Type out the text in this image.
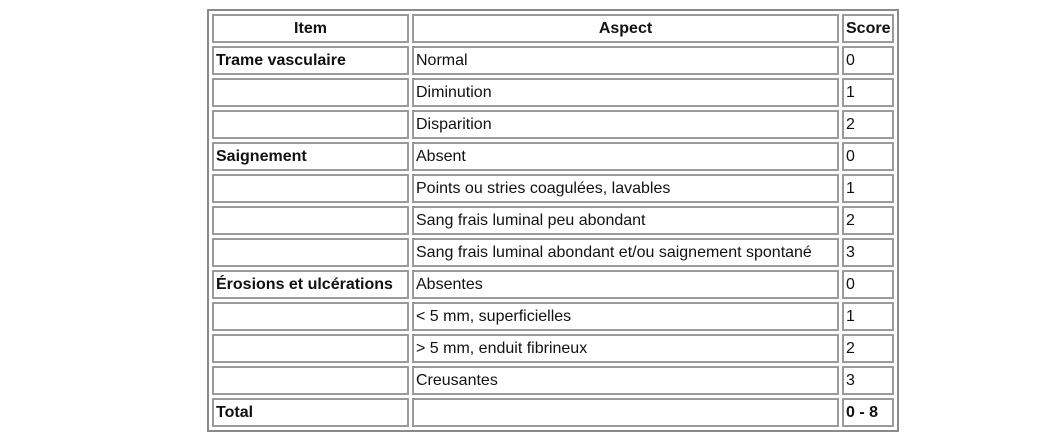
Item	Aspect	Score
Trame vasculaire	Normal	0
	Diminution	1
	Disparition	2
Saignement	Absent	0
	Points ou stries coagulées, lavables	1
	Sang frais luminal peu abondant	2
	Sang frais luminal abondant et/ou saignement spontané	3
Érosions et ulcérations	Absentes	0
	< 5 mm, superficielles	1
	> 5 mm, enduit fibrineux	2
	Creusantes	3
Total		0 - 8
